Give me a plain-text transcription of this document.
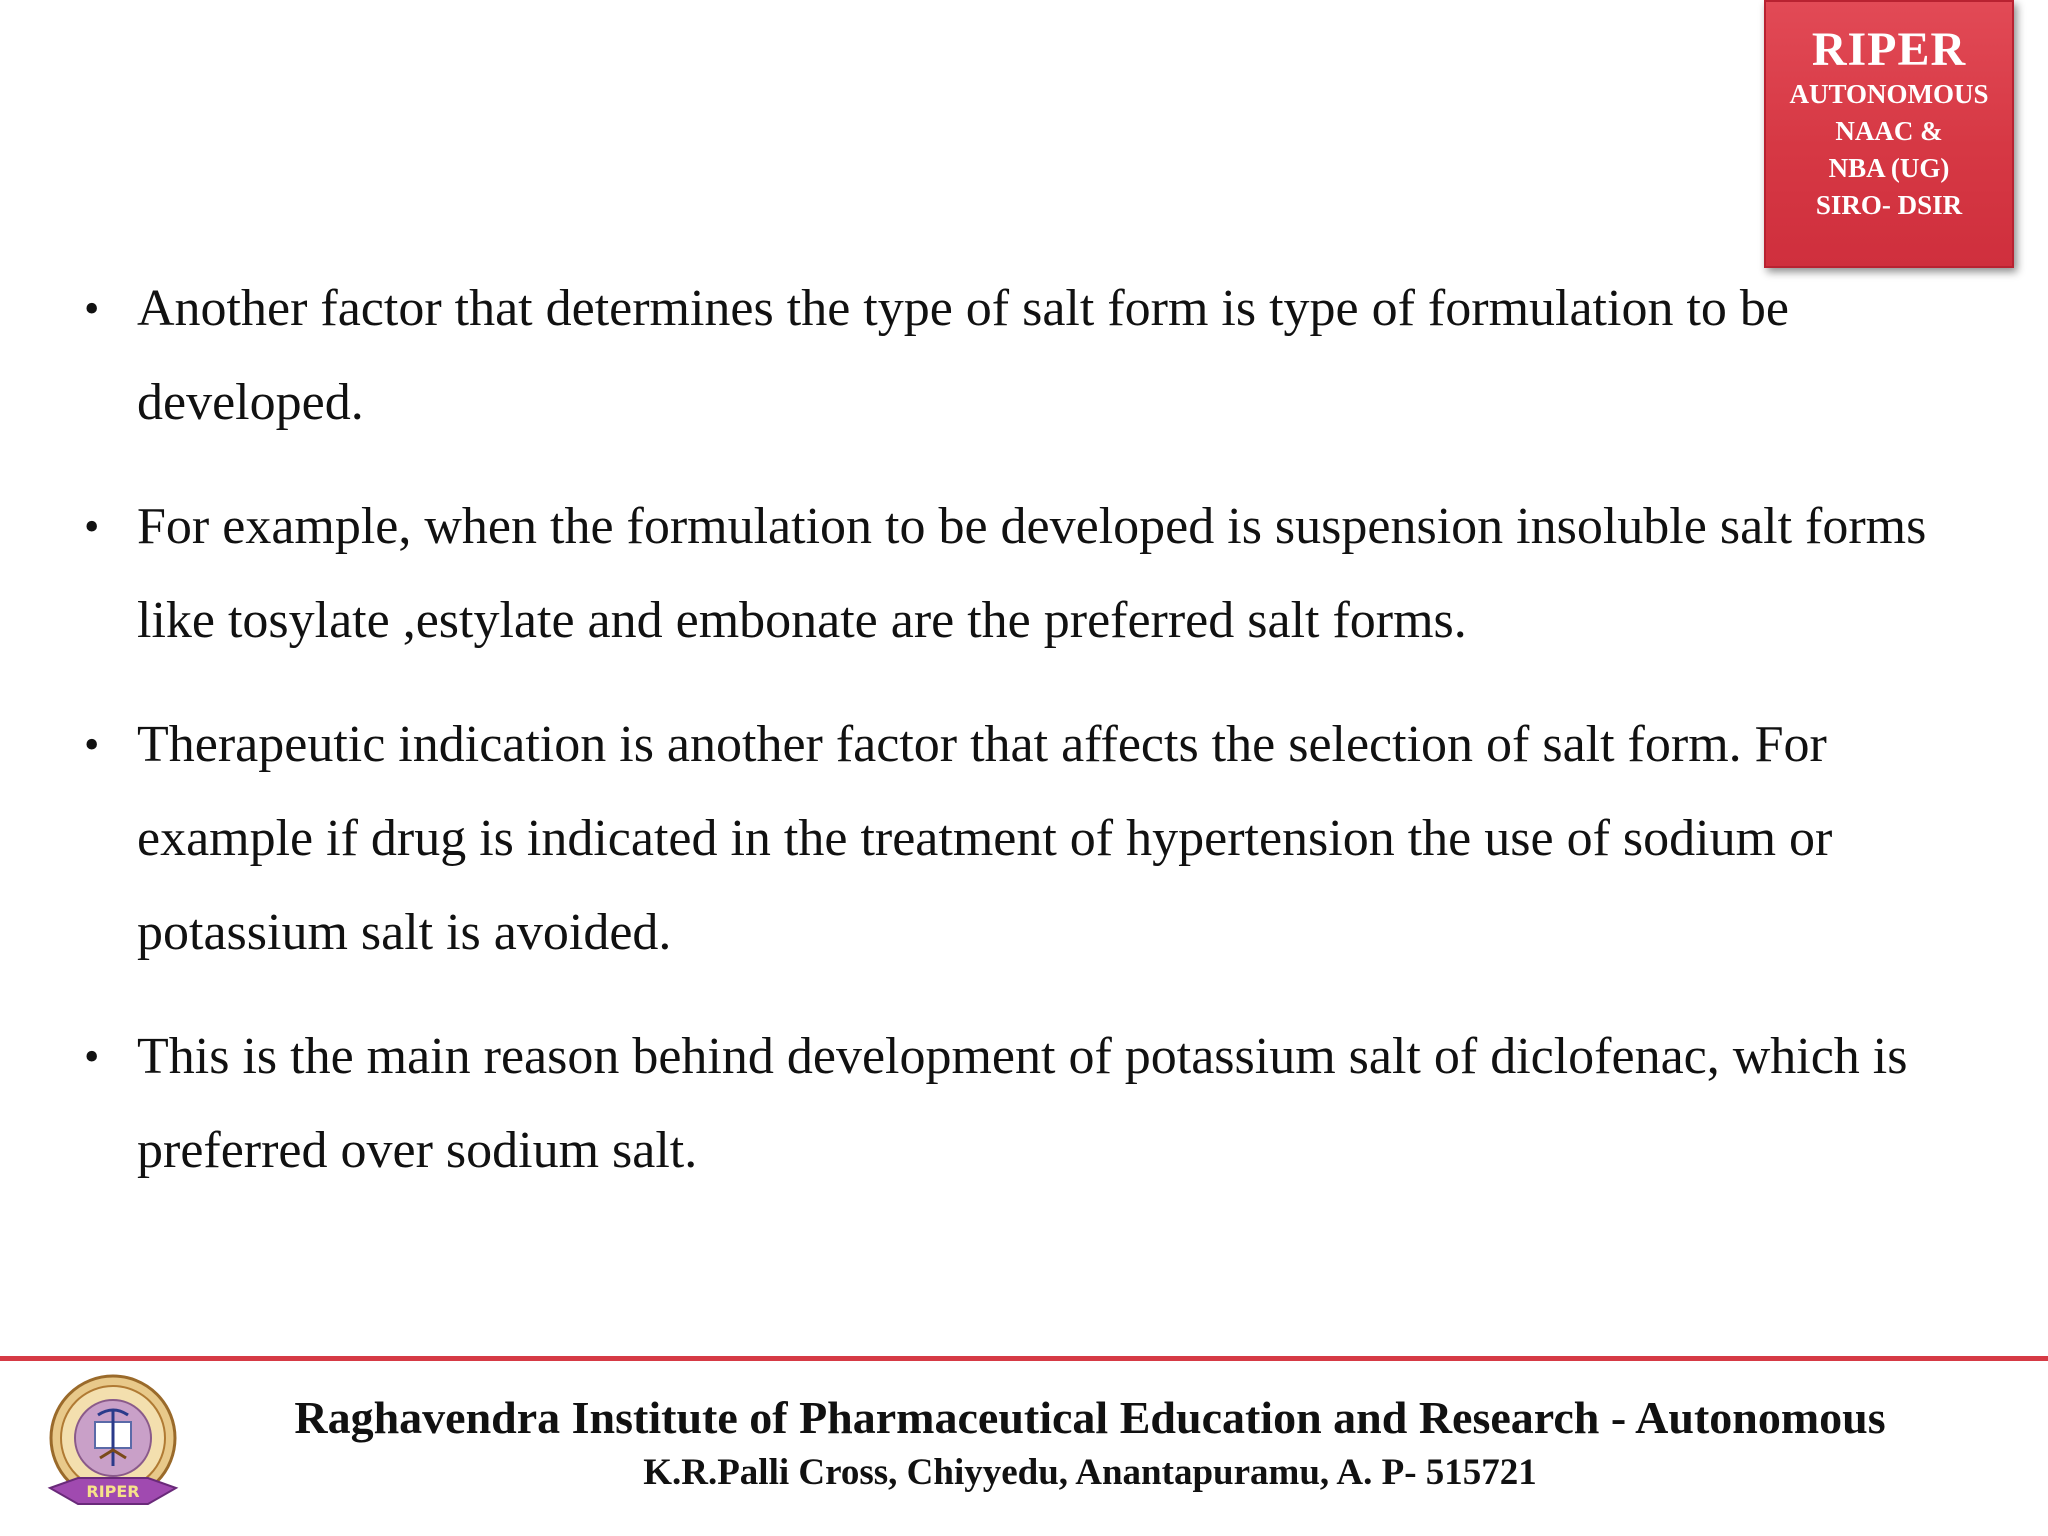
RIPER
AUTONOMOUS
NAAC &
NBA (UG)
SIRO- DSIR
• Another factor that determines the type of salt form is type of formulation to be developed.
• For example, when the formulation to be developed is suspension insoluble salt forms like tosylate ,estylate and embonate are the preferred salt forms.
• Therapeutic indication is another factor that affects the selection of salt form. For example if drug is indicated in the treatment of hypertension the use of sodium or potassium salt is avoided.
• This is the main reason behind development of potassium salt of diclofenac, which is preferred over sodium salt.
RIPER
Raghavendra Institute of Pharmaceutical Education and Research - Autonomous
K.R.Palli Cross, Chiyyedu, Anantapuramu, A. P- 515721
